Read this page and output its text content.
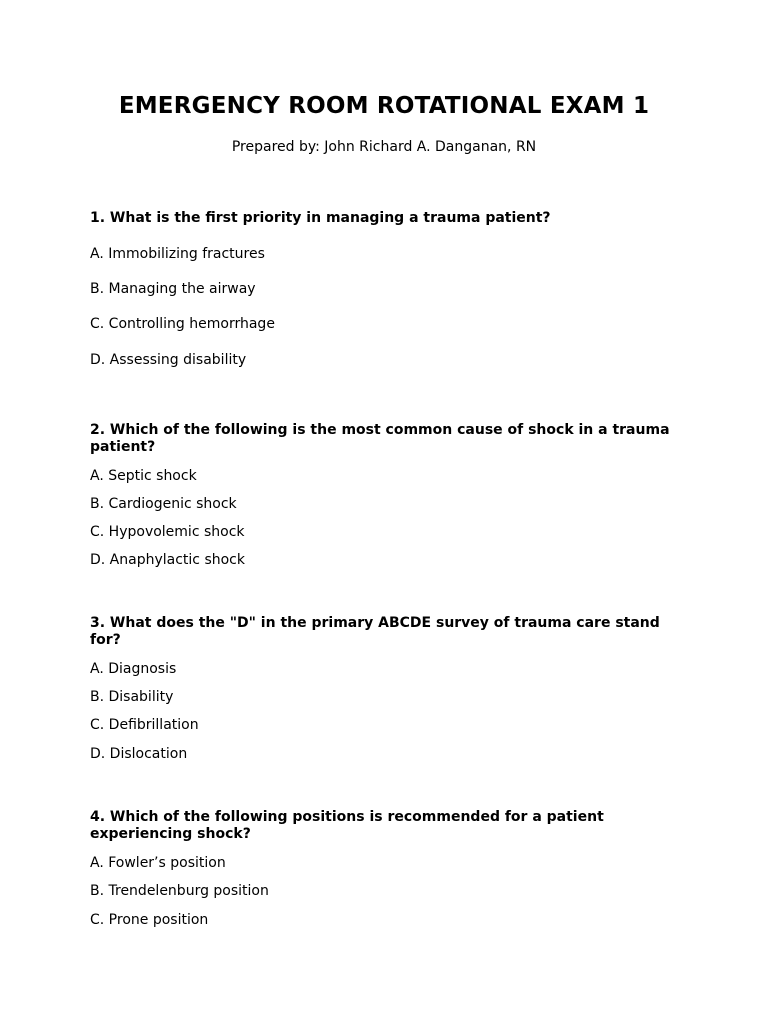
EMERGENCY ROOM ROTATIONAL EXAM 1

Prepared by: John Richard A. Danganan, RN

1. What is the first priority in managing a trauma patient?

A. Immobilizing fractures

B. Managing the airway

C. Controlling hemorrhage

D. Assessing disability

2. Which of the following is the most common cause of shock in a trauma patient?

A. Septic shock

B. Cardiogenic shock

C. Hypovolemic shock

D. Anaphylactic shock

3. What does the "D" in the primary ABCDE survey of trauma care stand for?

A. Diagnosis

B. Disability

C. Defibrillation

D. Dislocation

4. Which of the following positions is recommended for a patient experiencing shock?

A. Fowler’s position

B. Trendelenburg position

C. Prone position
